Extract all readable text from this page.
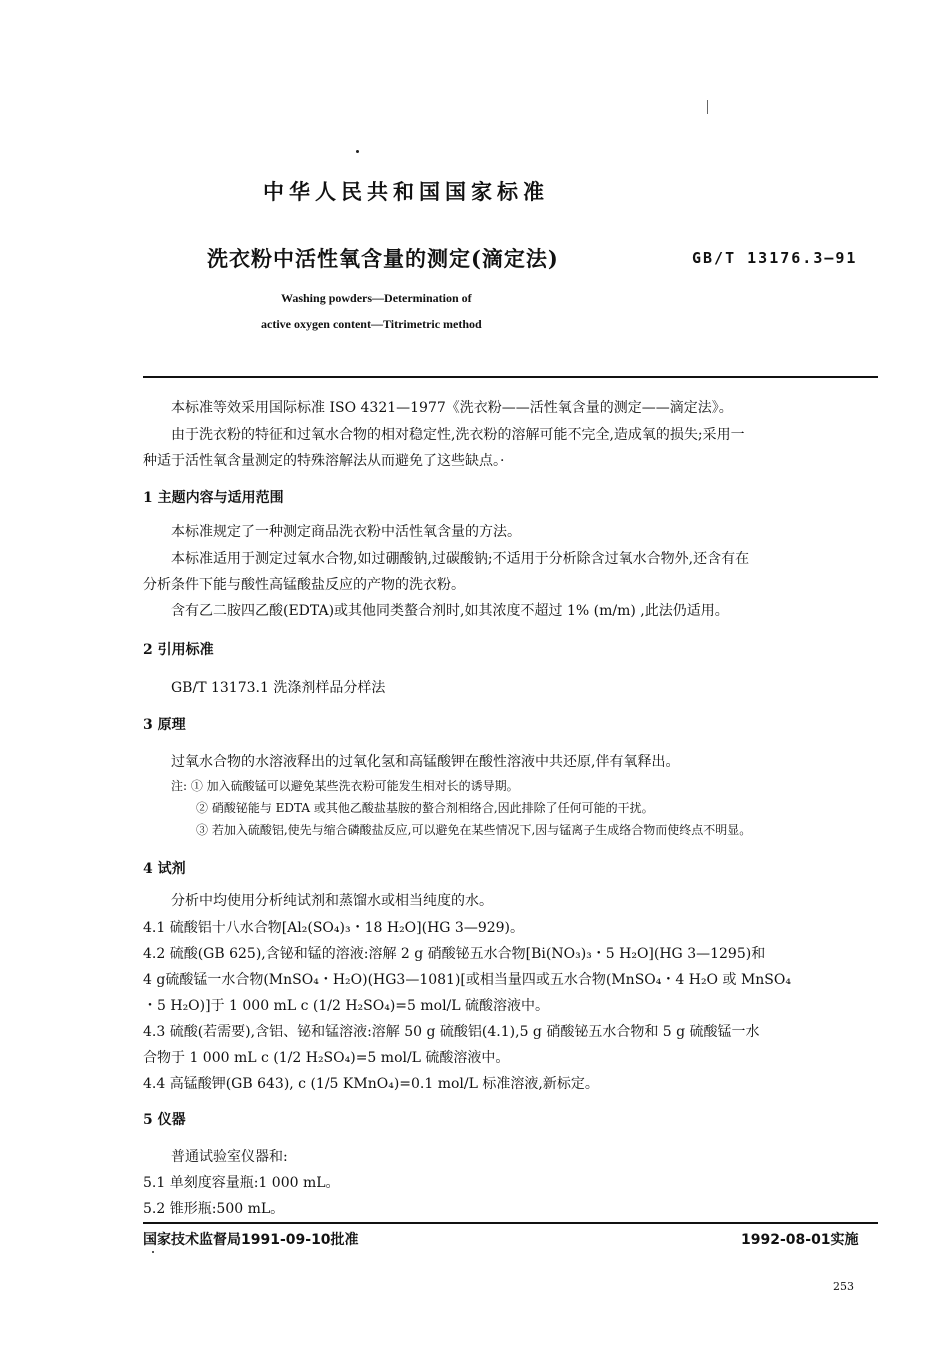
中华人民共和国国家标准
洗衣粉中活性氧含量的测定(滴定法)	GB/T 13176.3—91
Washing powders—Determination of
active oxygen content—Titrimetric method
本标准等效采用国际标准 ISO 4321—1977《洗衣粉——活性氧含量的测定——滴定法》。
由于洗衣粉的特征和过氧水合物的相对稳定性,洗衣粉的溶解可能不完全,造成氧的损失;采用一
种适于活性氧含量测定的特殊溶解法从而避免了这些缺点。·
1 主题内容与适用范围
本标准规定了一种测定商品洗衣粉中活性氧含量的方法。
本标准适用于测定过氧水合物,如过硼酸钠,过碳酸钠;不适用于分析除含过氧水合物外,还含有在
分析条件下能与酸性高锰酸盐反应的产物的洗衣粉。
含有乙二胺四乙酸(EDTA)或其他同类螯合剂时,如其浓度不超过 1% (m/m) ,此法仍适用。
2 引用标准
GB/T 13173.1 洗涤剂样品分样法
3 原理
过氧水合物的水溶液释出的过氧化氢和高锰酸钾在酸性溶液中共还原,伴有氧释出。
注: ① 加入硫酸锰可以避免某些洗衣粉可能发生相对长的诱导期。
② 硝酸铋能与 EDTA 或其他乙酸盐基胺的螯合剂相络合,因此排除了任何可能的干扰。
③ 若加入硫酸铝,使先与缩合磷酸盐反应,可以避免在某些情况下,因与锰离子生成络合物而使终点不明显。
4 试剂
分析中均使用分析纯试剂和蒸馏水或相当纯度的水。
4.1 硫酸铝十八水合物[Al₂(SO₄)₃・18 H₂O](HG 3—929)。
4.2 硫酸(GB 625),含铋和锰的溶液:溶解 2 g 硝酸铋五水合物[Bi(NO₃)₃・5 H₂O](HG 3—1295)和
4 g硫酸锰一水合物(MnSO₄・H₂O)(HG3—1081)[或相当量四或五水合物(MnSO₄・4 H₂O 或 MnSO₄
・5 H₂O)]于 1 000 mL c (1/2 H₂SO₄)=5 mol/L 硫酸溶液中。
4.3 硫酸(若需要),含铝、铋和锰溶液:溶解 50 g 硫酸铝(4.1),5 g 硝酸铋五水合物和 5 g 硫酸锰一水
合物于 1 000 mL c (1/2 H₂SO₄)=5 mol/L 硫酸溶液中。
4.4 高锰酸钾(GB 643), c (1/5 KMnO₄)=0.1 mol/L 标准溶液,新标定。
5 仪器
普通试验室仪器和:
5.1 单刻度容量瓶:1 000 mL。
5.2 锥形瓶:500 mL。
国家技术监督局1991-09-10批准	1992-08-01实施
253
